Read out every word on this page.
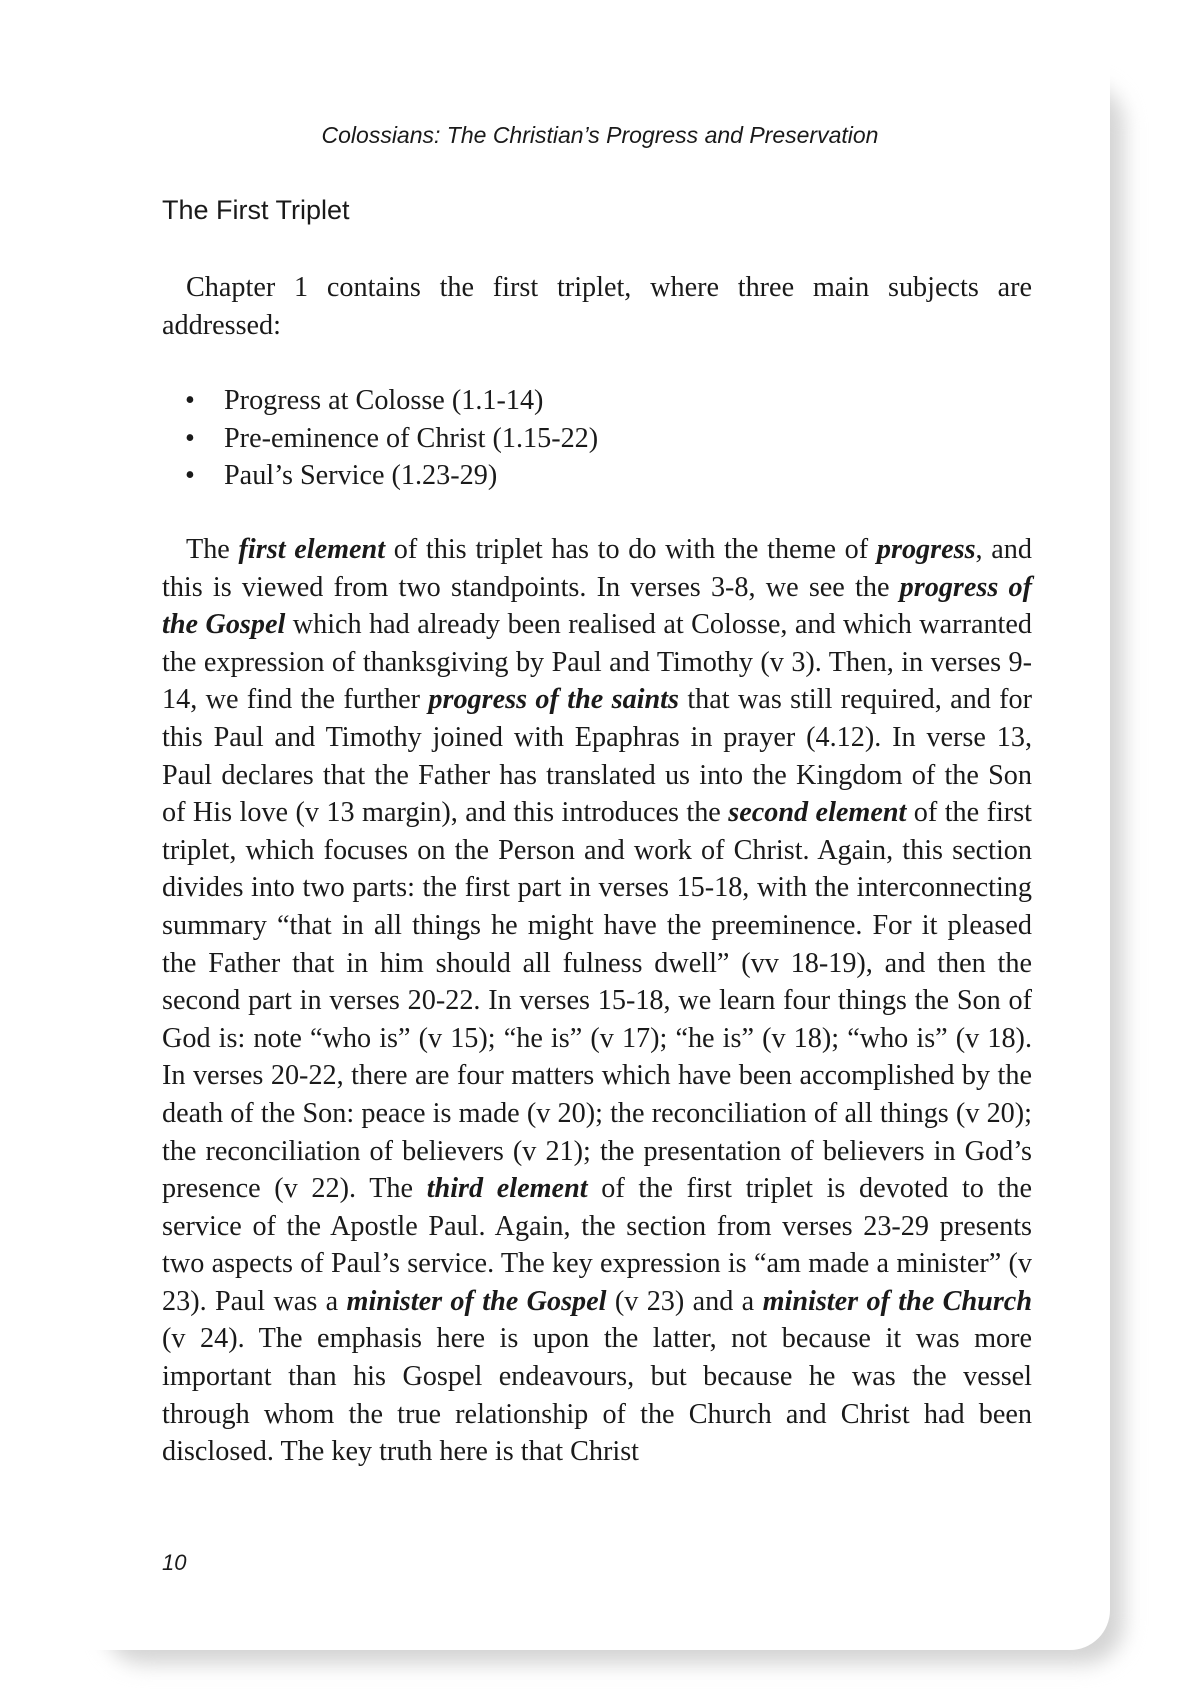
Colossians: The Christian’s Progress and Preservation
The First Triplet

Chapter 1 contains the first triplet, where three main subjects are addressed:

• Progress at Colosse (1.1-14)
• Pre-eminence of Christ (1.15-22)
• Paul’s Service (1.23-29)

The first element of this triplet has to do with the theme of progress, and this is viewed from two standpoints. In verses 3-8, we see the progress of the Gospel which had already been realised at Colosse, and which warranted the expression of thanksgiving by Paul and Timothy (v 3). Then, in verses 9-14, we find the further progress of the saints that was still required, and for this Paul and Timothy joined with Epaphras in prayer (4.12). In verse 13, Paul declares that the Father has translated us into the Kingdom of the Son of His love (v 13 margin), and this introduces the second element of the first triplet, which focuses on the Person and work of Christ. Again, this section divides into two parts: the first part in verses 15-18, with the interconnecting summary “that in all things he might have the preeminence. For it pleased the Father that in him should all fulness dwell” (vv 18-19), and then the second part in verses 20-22. In verses 15-18, we learn four things the Son of God is: note “who is” (v 15); “he is” (v 17); “he is” (v 18); “who is” (v 18). In verses 20-22, there are four matters which have been accomplished by the death of the Son: peace is made (v 20); the reconciliation of all things (v 20); the reconciliation of believers (v 21); the presentation of believers in God’s presence (v 22). The third element of the first triplet is devoted to the service of the Apostle Paul. Again, the section from verses 23-29 presents two aspects of Paul’s service. The key expression is “am made a minister” (v 23). Paul was a minister of the Gospel (v 23) and a minister of the Church (v 24). The emphasis here is upon the latter, not because it was more important than his Gospel endeavours, but because he was the vessel through whom the true relationship of the Church and Christ had been disclosed. The key truth here is that Christ

10
